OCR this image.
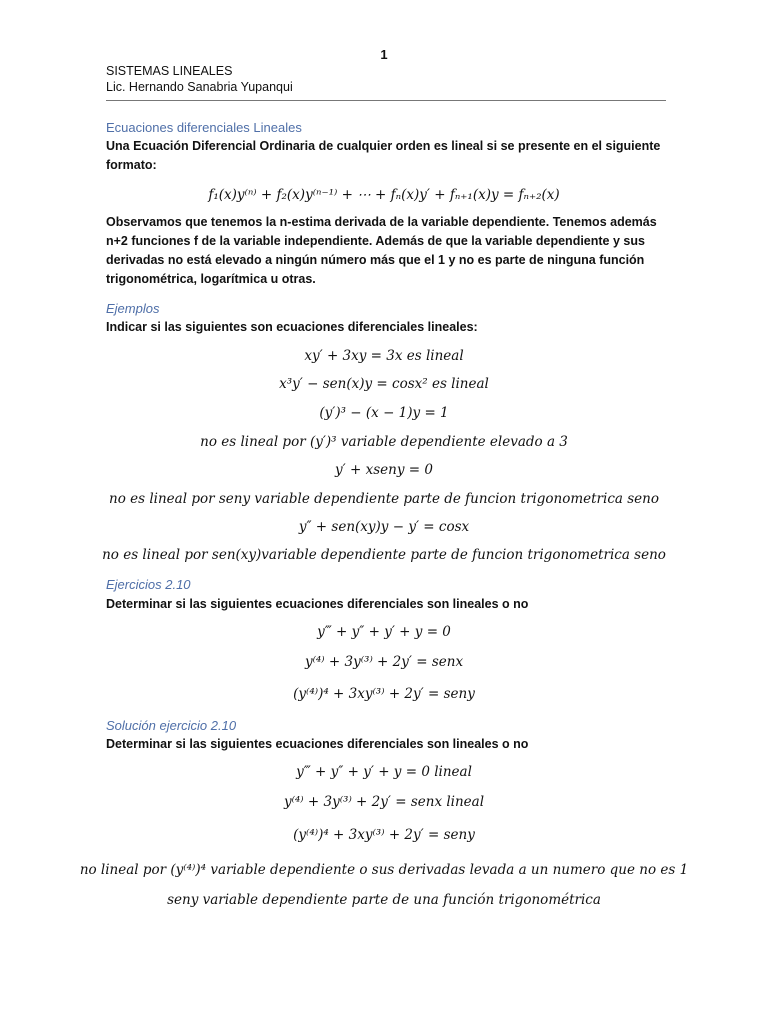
1
SISTEMAS LINEALES
Lic. Hernando Sanabria Yupanqui
Ecuaciones diferenciales Lineales
Una Ecuación Diferencial Ordinaria de cualquier orden es lineal si se presente en el siguiente formato:
f₁(x)y⁽ⁿ⁾ + f₂(x)y⁽ⁿ⁻¹⁾ + ⋯ + fₙ(x)y′ + fₙ₊₁(x)y = fₙ₊₂(x)
Observamos que tenemos la n-estima derivada de la variable dependiente. Tenemos además n+2 funciones f de la variable independiente. Además de que la variable dependiente y sus derivadas no está elevado a ningún número más que el 1 y no es parte de ninguna función trigonométrica, logarítmica u otras.
Ejemplos
Indicar si las siguientes son ecuaciones diferenciales lineales:
xy′ + 3xy = 3x es lineal
x³y′ − sen(x)y = cosx² es lineal
(y′)³ − (x − 1)y = 1
no es lineal por (y′)³ variable dependiente elevado a 3
y′ + xseny = 0
no es lineal por seny variable dependiente parte de funcion trigonometrica seno
y″ + sen(xy)y − y′ = cosx
no es lineal por sen(xy)variable dependiente parte de funcion trigonometrica seno
Ejercicios 2.10
Determinar si las siguientes ecuaciones diferenciales son lineales o no
y‴ + y″ + y′ + y = 0
y⁽⁴⁾ + 3y⁽³⁾ + 2y′ = senx
(y⁽⁴⁾)⁴ + 3xy⁽³⁾ + 2y′ = seny
Solución ejercicio 2.10
Determinar si las siguientes ecuaciones diferenciales son lineales o no
y‴ + y″ + y′ + y = 0 lineal
y⁽⁴⁾ + 3y⁽³⁾ + 2y′ = senx lineal
(y⁽⁴⁾)⁴ + 3xy⁽³⁾ + 2y′ = seny
no lineal por (y⁽⁴⁾)⁴ variable dependiente o sus derivadas levada a un numero que no es 1
seny variable dependiente parte de una función trigonométrica
